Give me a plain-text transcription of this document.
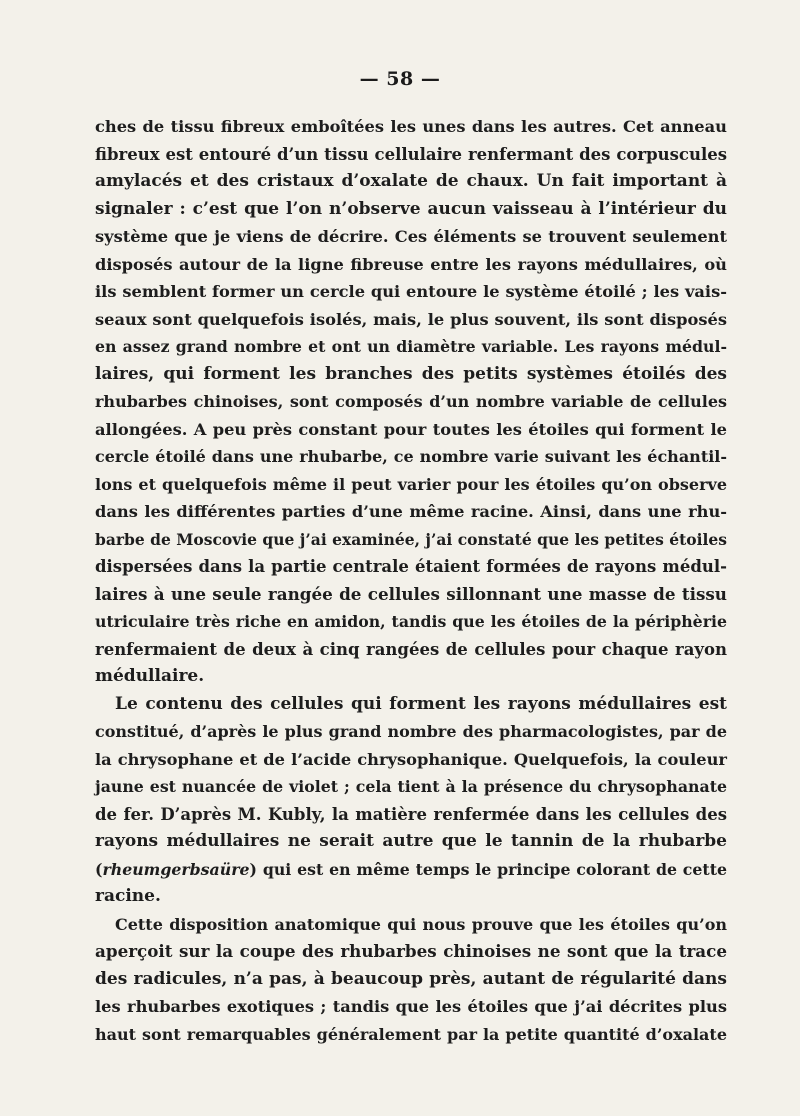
— 58 —
ches de tissu fibreux emboîtées les unes dans les autres. Cet anneau
fibreux est entouré d’un tissu cellulaire renfermant des corpuscules
amylacés et des cristaux d’oxalate de chaux. Un fait important à
signaler : c’est que l’on n’observe aucun vaisseau à l’intérieur du
système que je viens de décrire. Ces éléments se trouvent seulement
disposés autour de la ligne fibreuse entre les rayons médullaires, où
ils semblent former un cercle qui entoure le système étoilé ; les vais-
seaux sont quelquefois isolés, mais, le plus souvent, ils sont disposés
en assez grand nombre et ont un diamètre variable. Les rayons médul-
laires, qui forment les branches des petits systèmes étoilés des
rhubarbes chinoises, sont composés d’un nombre variable de cellules
allongées. A peu près constant pour toutes les étoiles qui forment le
cercle étoilé dans une rhubarbe, ce nombre varie suivant les échantil-
lons et quelquefois même il peut varier pour les étoiles qu’on observe
dans les différentes parties d’une même racine. Ainsi, dans une rhu-
barbe de Moscovie que j’ai examinée, j’ai constaté que les petites étoiles
dispersées dans la partie centrale étaient formées de rayons médul-
laires à une seule rangée de cellules sillonnant une masse de tissu
utriculaire très riche en amidon, tandis que les étoiles de la périphèrie
renfermaient de deux à cinq rangées de cellules pour chaque rayon
médullaire.
Le contenu des cellules qui forment les rayons médullaires est
constitué, d’après le plus grand nombre des pharmacologistes, par de
la chrysophane et de l’acide chrysophanique. Quelquefois, la couleur
jaune est nuancée de violet ; cela tient à la présence du chrysophanate
de fer. D’après M. Kubly, la matière renfermée dans les cellules des
rayons médullaires ne serait autre que le tannin de la rhubarbe
(rheumgerbsaüre) qui est en même temps le principe colorant de cette
racine.
Cette disposition anatomique qui nous prouve que les étoiles qu’on
aperçoit sur la coupe des rhubarbes chinoises ne sont que la trace
des radicules, n’a pas, à beaucoup près, autant de régularité dans
les rhubarbes exotiques ; tandis que les étoiles que j’ai décrites plus
haut sont remarquables généralement par la petite quantité d’oxalate
